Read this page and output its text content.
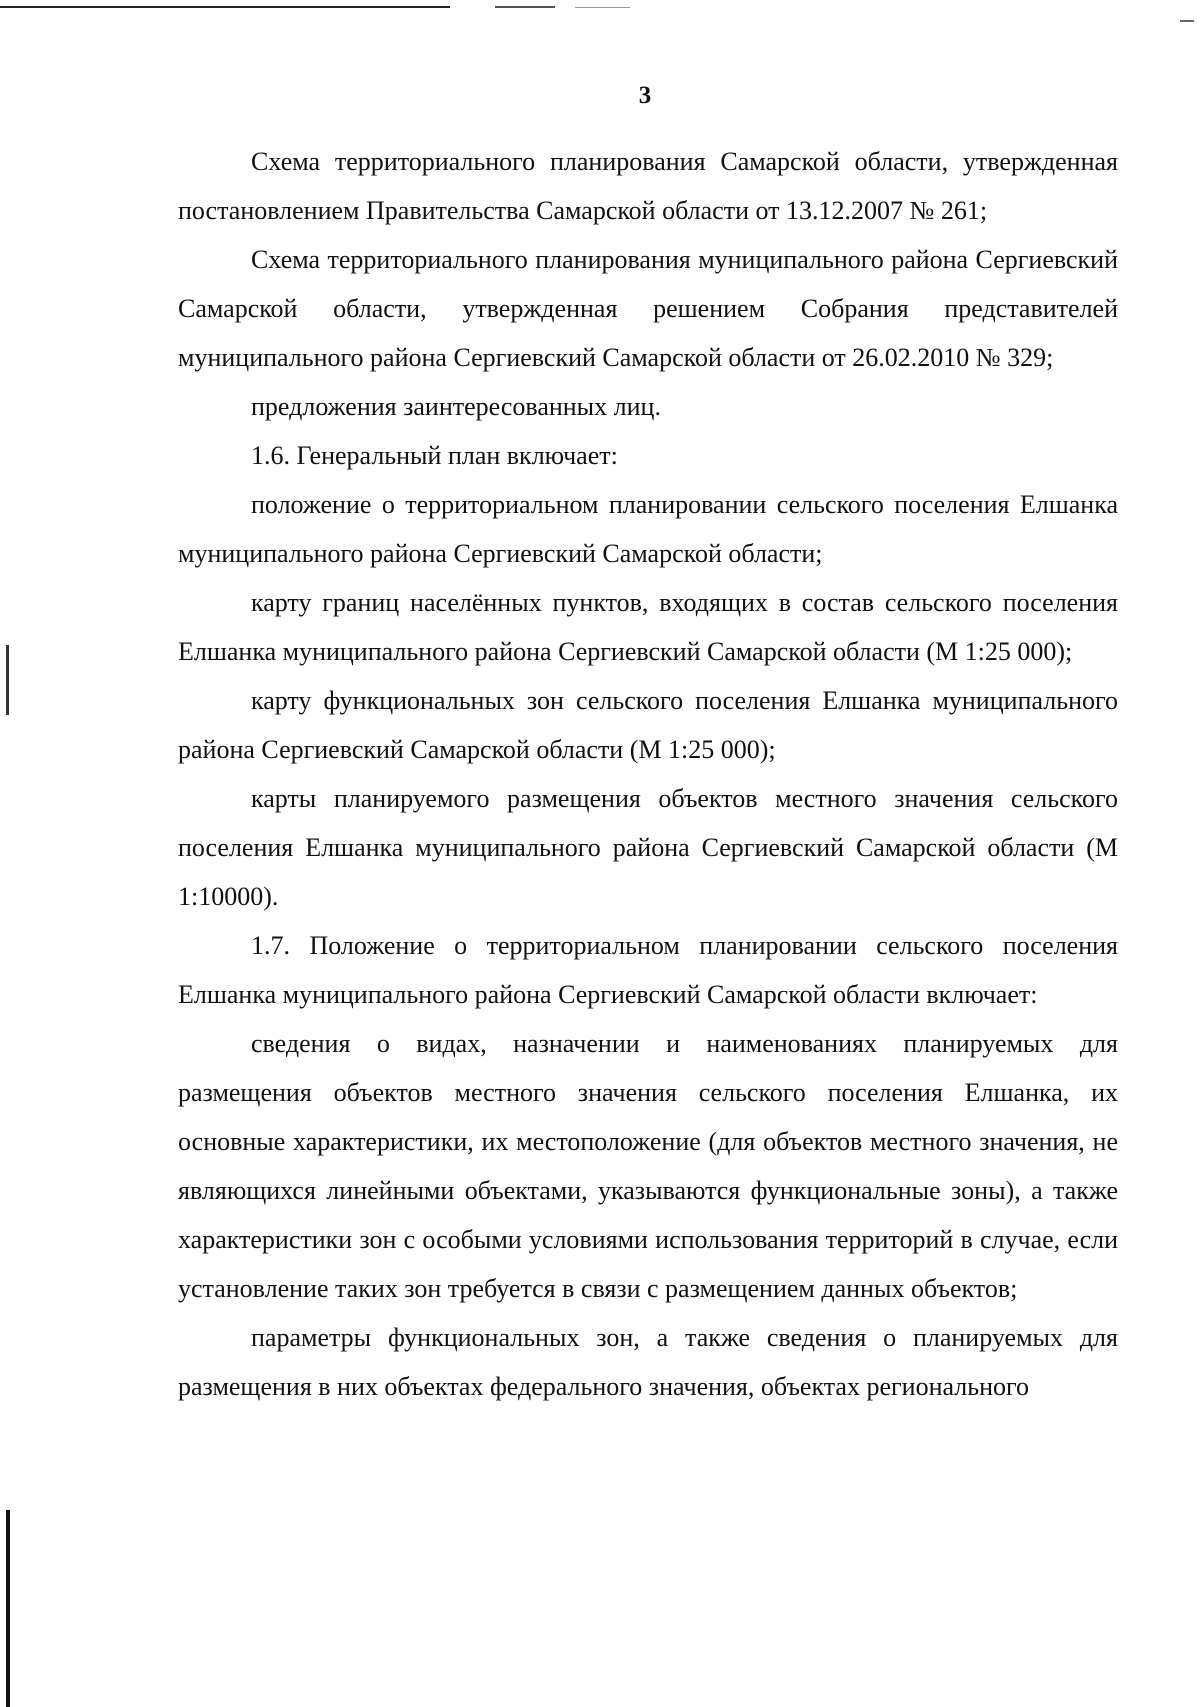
3

Схема территориального планирования Самарской области, утвержденная постановлением Правительства Самарской области от 13.12.2007 № 261;

Схема территориального планирования муниципального района Сергиевский Самарской области, утвержденная решением Собрания представителей муниципального района Сергиевский Самарской области от 26.02.2010 № 329;

предложения заинтересованных лиц.

1.6. Генеральный план включает:

положение о территориальном планировании сельского поселения Елшанка муниципального района Сергиевский Самарской области;

карту границ населённых пунктов, входящих в состав сельского поселения Елшанка муниципального района Сергиевский Самарской области (М 1:25 000);

карту функциональных зон сельского поселения Елшанка муниципального района Сергиевский Самарской области (М 1:25 000);

карты планируемого размещения объектов местного значения сельского поселения Елшанка муниципального района Сергиевский Самарской области (М 1:10000).

1.7. Положение о территориальном планировании сельского поселения Елшанка муниципального района Сергиевский Самарской области включает:

сведения о видах, назначении и наименованиях планируемых для размещения объектов местного значения сельского поселения Елшанка, их основные характеристики, их местоположение (для объектов местного значения, не являющихся линейными объектами, указываются функциональные зоны), а также характеристики зон с особыми условиями использования территорий в случае, если установление таких зон требуется в связи с размещением данных объектов;

параметры функциональных зон, а также сведения о планируемых для размещения в них объектах федерального значения, объектах регионального
